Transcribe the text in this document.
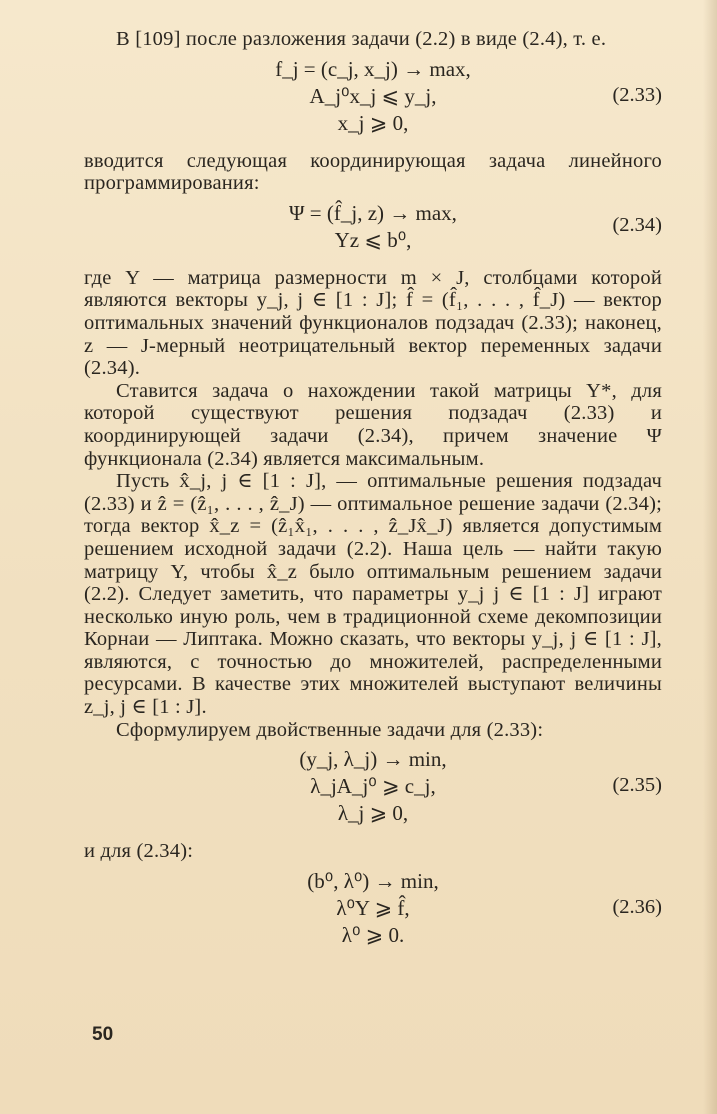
В [109] после разложения задачи (2.2) в виде (2.4), т. е.

f_j = (c_j, x_j) → max,
A_j⁰x_j ⩽ y_j,
x_j ⩾ 0,
(2.33)

вводится следующая координирующая задача линейного программирования:

Ψ = (f̂_j, z) → max,
Yz ⩽ b⁰,
(2.34)

где Y — матрица размерности m × J, столбцами которой являются векторы y_j, j ∈ [1 : J]; f̂ = (f̂₁, . . . , f̂_J) — вектор оптимальных значений функционалов подзадач (2.33); наконец, z — J-мерный неотрицательный вектор переменных задачи (2.34).

Ставится задача о нахождении такой матрицы Y*, для которой существуют решения подзадач (2.33) и координирующей задачи (2.34), причем значение Ψ функционала (2.34) является максимальным.

Пусть x̂_j, j ∈ [1 : J], — оптимальные решения подзадач (2.33) и ẑ = (ẑ₁, . . . , ẑ_J) — оптимальное решение задачи (2.34); тогда вектор x̂_z = (ẑ₁x̂₁, . . . , ẑ_Jx̂_J) является допустимым решением исходной задачи (2.2). Наша цель — найти такую матрицу Y, чтобы x̂_z было оптимальным решением задачи (2.2). Следует заметить, что параметры y_j j ∈ [1 : J] играют несколько иную роль, чем в традиционной схеме декомпозиции Корнаи — Липтака. Можно сказать, что векторы y_j, j ∈ [1 : J], являются, с точностью до множителей, распределенными ресурсами. В качестве этих множителей выступают величины z_j, j ∈ [1 : J].

Сформулируем двойственные задачи для (2.33):

(y_j, λ_j) → min,
λ_jA_j⁰ ⩾ c_j,
λ_j ⩾ 0,
(2.35)

и для (2.34):

(b⁰, λ⁰) → min,
λ⁰Y ⩾ f̂,
λ⁰ ⩾ 0.
(2.36)
50
